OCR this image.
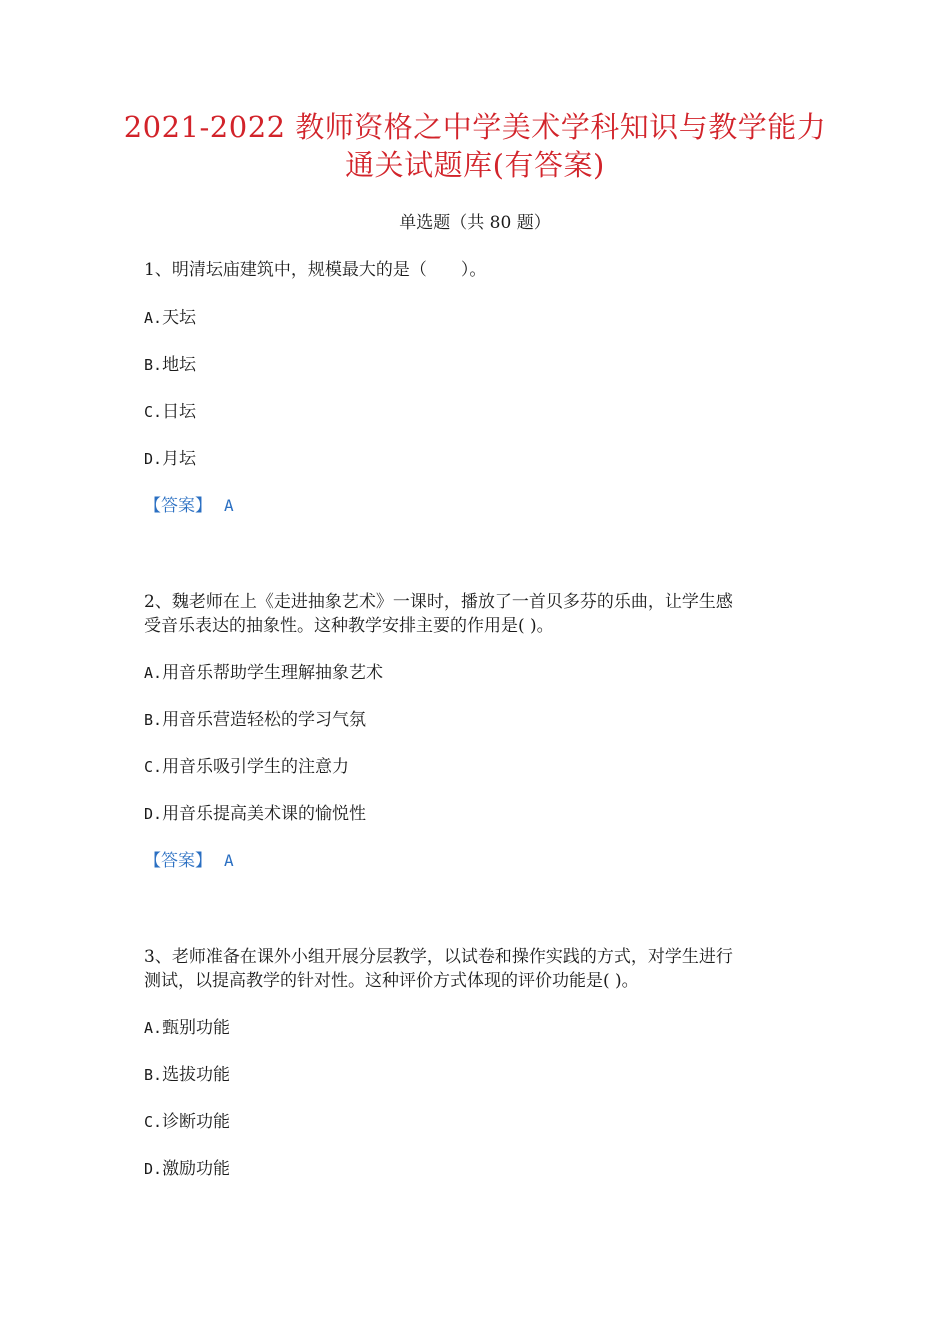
2021-2022 教师资格之中学美术学科知识与教学能力
通关试题库(有答案)
单选题（共 80 题）
1、明清坛庙建筑中，规模最大的是（　　）。
A.天坛
B.地坛
C.日坛
D.月坛
【答案】 A
2、魏老师在上《走进抽象艺术》一课时，播放了一首贝多芬的乐曲，让学生感
受音乐表达的抽象性。这种教学安排主要的作用是( )。
A.用音乐帮助学生理解抽象艺术
B.用音乐营造轻松的学习气氛
C.用音乐吸引学生的注意力
D.用音乐提高美术课的愉悦性
【答案】 A
3、老师准备在课外小组开展分层教学，以试卷和操作实践的方式，对学生进行
测试，以提高教学的针对性。这种评价方式体现的评价功能是( )。
A.甄别功能
B.选拔功能
C.诊断功能
D.激励功能
